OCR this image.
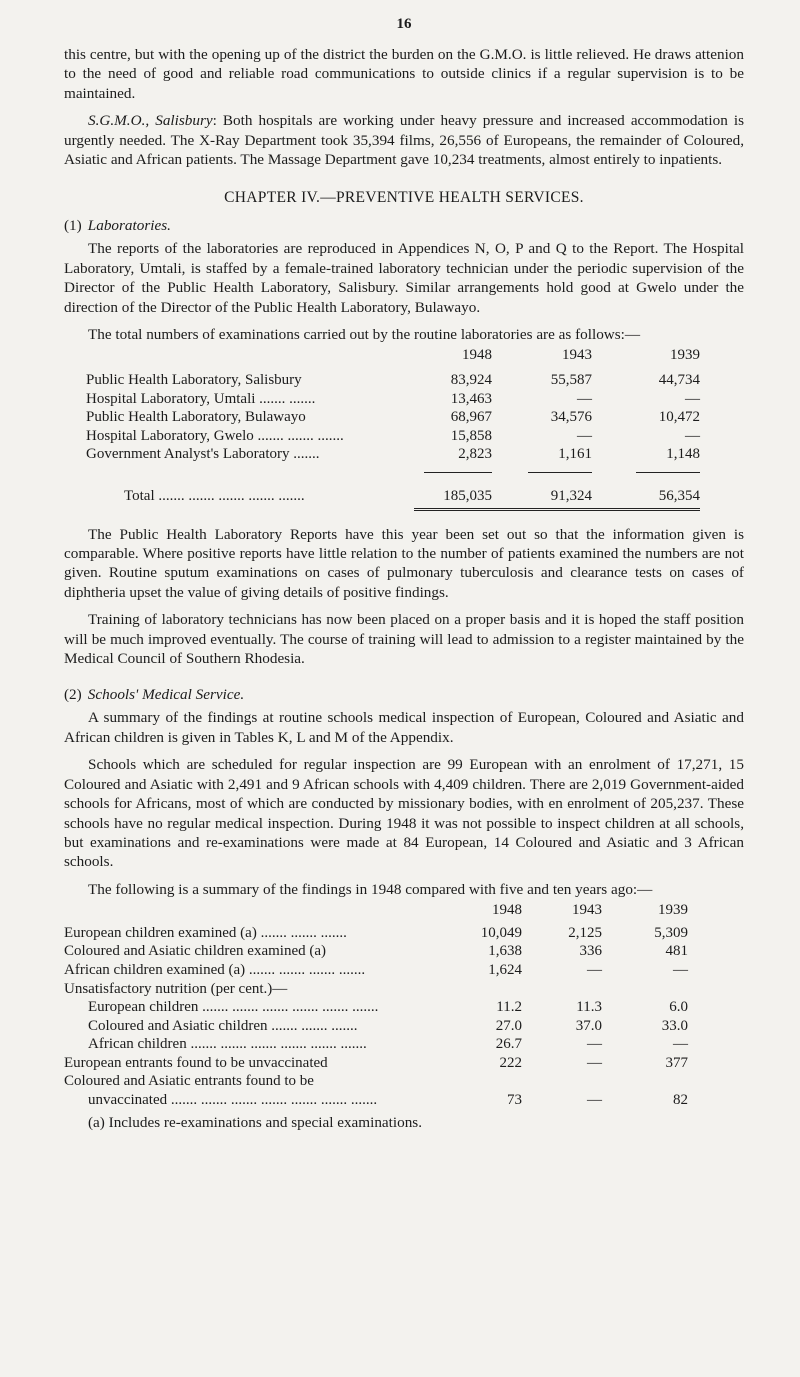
16

this centre, but with the opening up of the district the burden on the G.M.O. is little relieved. He draws attenion to the need of good and reliable road communications to outside clinics if a regular supervision is to be maintained.

S.G.M.O., Salisbury: Both hospitals are working under heavy pressure and increased accommodation is urgently needed. The X-Ray Department took 35,394 films, 26,556 of Europeans, the remainder of Coloured, Asiatic and African patients. The Massage Department gave 10,234 treatments, almost entirely to inpatients.

CHAPTER IV.—PREVENTIVE HEALTH SERVICES.
(1) Laboratories.

The reports of the laboratories are reproduced in Appendices N, O, P and Q to the Report. The Hospital Laboratory, Umtali, is staffed by a female-trained laboratory technician under the periodic supervision of the Director of the Public Health Laboratory, Salisbury. Similar arrangements hold good at Gwelo under the direction of the Director of the Public Health Laboratory, Bulawayo.

The total numbers of examinations carried out by the routine laboratories are as follows:—

	1948	1943	1939

Public Health Laboratory, Salisbury	83,924	55,587	44,734
Hospital Laboratory, Umtali ....... .......	13,463	—	—
Public Health Laboratory, Bulawayo	68,967	34,576	10,472
Hospital Laboratory, Gwelo ....... ....... .......	15,858	—	—
Government Analyst's Laboratory .......	2,823	1,161	1,148

Total ....... ....... ....... ....... .......	185,035	91,324	56,354

The Public Health Laboratory Reports have this year been set out so that the information given is comparable. Where positive reports have little relation to the number of patients examined the numbers are not given. Routine sputum examinations on cases of pulmonary tuberculosis and clearance tests on cases of diphtheria upset the value of giving details of positive findings.

Training of laboratory technicians has now been placed on a proper basis and it is hoped the staff position will be much improved eventually. The course of training will lead to admission to a register maintained by the Medical Council of Southern Rhodesia.

(2) Schools' Medical Service.

A summary of the findings at routine schools medical inspection of European, Coloured and Asiatic and African children is given in Tables K, L and M of the Appendix.

Schools which are scheduled for regular inspection are 99 European with an enrolment of 17,271, 15 Coloured and Asiatic with 2,491 and 9 African schools with 4,409 children. There are 2,019 Government-aided schools for Africans, most of which are conducted by missionary bodies, with en enrolment of 205,237. These schools have no regular medical inspection. During 1948 it was not possible to inspect children at all schools, but examinations and re-examinations were made at 84 European, 14 Coloured and Asiatic and 3 African schools.

The following is a summary of the findings in 1948 compared with five and ten years ago:—

	1948	1943	1939

European children examined (a) ....... ....... .......	10,049	2,125	5,309
Coloured and Asiatic children examined (a)	1,638	336	481
African children examined (a) ....... ....... ....... .......	1,624	—	—
Unsatisfactory nutrition (per cent.)—			
European children ....... ....... ....... ....... ....... .......	11.2	11.3	6.0
Coloured and Asiatic children ....... ....... .......	27.0	37.0	33.0
African children ....... ....... ....... ....... ....... .......	26.7	—	—
European entrants found to be unvaccinated	222	—	377
Coloured and Asiatic entrants found to be			
unvaccinated ....... ....... ....... ....... ....... ....... .......	73	—	82
(a) Includes re-examinations and special examinations.
